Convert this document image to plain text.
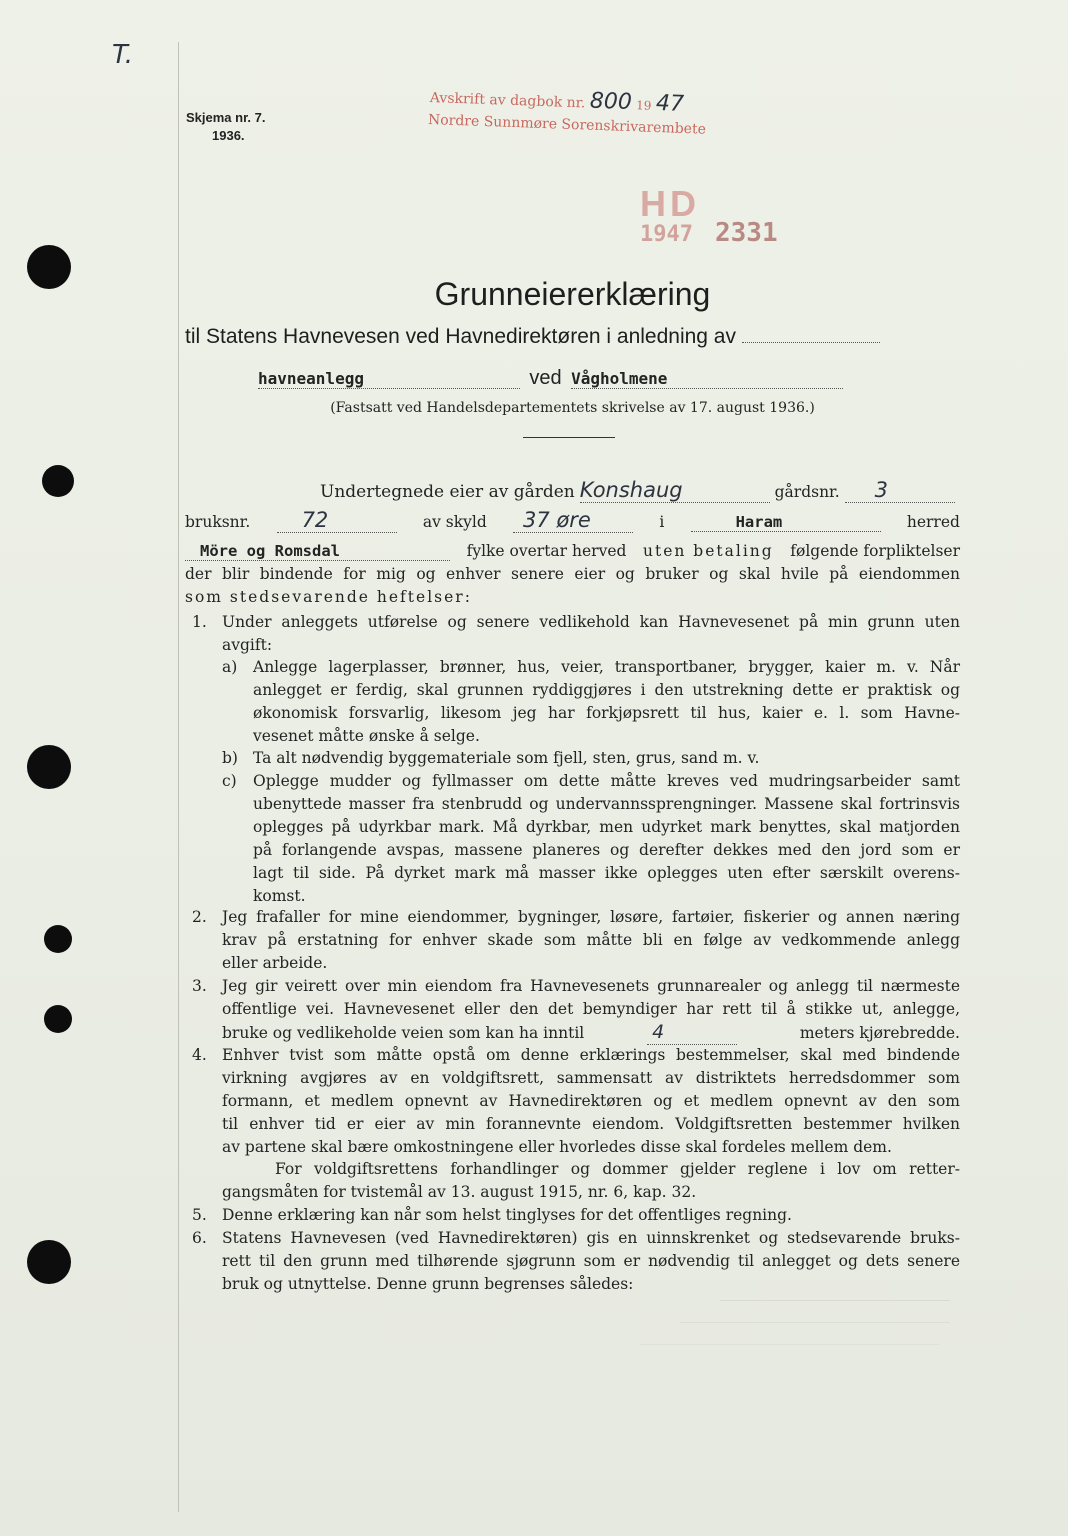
T.
Skjema nr. 7.
1936.
Avskrift av dagbok nr. 800 19 47
Nordre Sunnmøre Sorenskrivarembete
HD
1947 2331
Grunneiererklæring
til Statens Havnevesen ved Havnedirektøren i anledning av
havneanlegg	ved Vågholmene
(Fastsatt ved Handelsdepartementets skrivelse av 17. august 1936.)
Undertegnede eier av gården Konshaug	gårdsnr. 3
bruksnr.	72	av skyld	37 øre	i	Haram	herred
Möre og Romsdal	fylke overtar herved uten betaling følgende forpliktelser
der blir bindende for mig og enhver senere eier og bruker og skal hvile på eiendommen
som stedsevarende heftelser:
1. Under anleggets utførelse og senere vedlikehold kan Havnevesenet på min grunn uten
avgift:
a) Anlegge lagerplasser, brønner, hus, veier, transportbaner, brygger, kaier m. v. Når
anlegget er ferdig, skal grunnen ryddiggjøres i den utstrekning dette er praktisk og
økonomisk forsvarlig, likesom jeg har forkjøpsrett til hus, kaier e. l. som Havne-
vesenet måtte ønske å selge.
b) Ta alt nødvendig byggemateriale som fjell, sten, grus, sand m. v.
c) Oplegge mudder og fyllmasser om dette måtte kreves ved mudringsarbeider samt
ubenyttede masser fra stenbrudd og undervannssprengninger. Massene skal fortrinsvis
oplegges på udyrkbar mark. Må dyrkbar, men udyrket mark benyttes, skal matjorden
på forlangende avspas, massene planeres og derefter dekkes med den jord som er
lagt til side. På dyrket mark må masser ikke oplegges uten efter særskilt overens-
komst.
2. Jeg frafaller for mine eiendommer, bygninger, løsøre, fartøier, fiskerier og annen næring
krav på erstatning for enhver skade som måtte bli en følge av vedkommende anlegg
eller arbeide.
3. Jeg gir veirett over min eiendom fra Havnevesenets grunnarealer og anlegg til nærmeste
offentlige vei. Havnevesenet eller den det bemyndiger har rett til å stikke ut, anlegge,
bruke og vedlikeholde veien som kan ha inntil	4	meters kjørebredde.
4. Enhver tvist som måtte opstå om denne erklærings bestemmelser, skal med bindende
virkning avgjøres av en voldgiftsrett, sammensatt av distriktets herredsdommer som
formann, et medlem opnevnt av Havnedirektøren og et medlem opnevnt av den som
til enhver tid er eier av min forannevnte eiendom. Voldgiftsretten bestemmer hvilken
av partene skal bære omkostningene eller hvorledes disse skal fordeles mellem dem.
For voldgiftsrettens forhandlinger og dommer gjelder reglene i lov om retter-
gangsmåten for tvistemål av 13. august 1915, nr. 6, kap. 32.
5. Denne erklæring kan når som helst tinglyses for det offentliges regning.
6. Statens Havnevesen (ved Havnedirektøren) gis en uinnskrenket og stedsevarende bruks-
rett til den grunn med tilhørende sjøgrunn som er nødvendig til anlegget og dets senere
bruk og utnyttelse. Denne grunn begrenses således:
